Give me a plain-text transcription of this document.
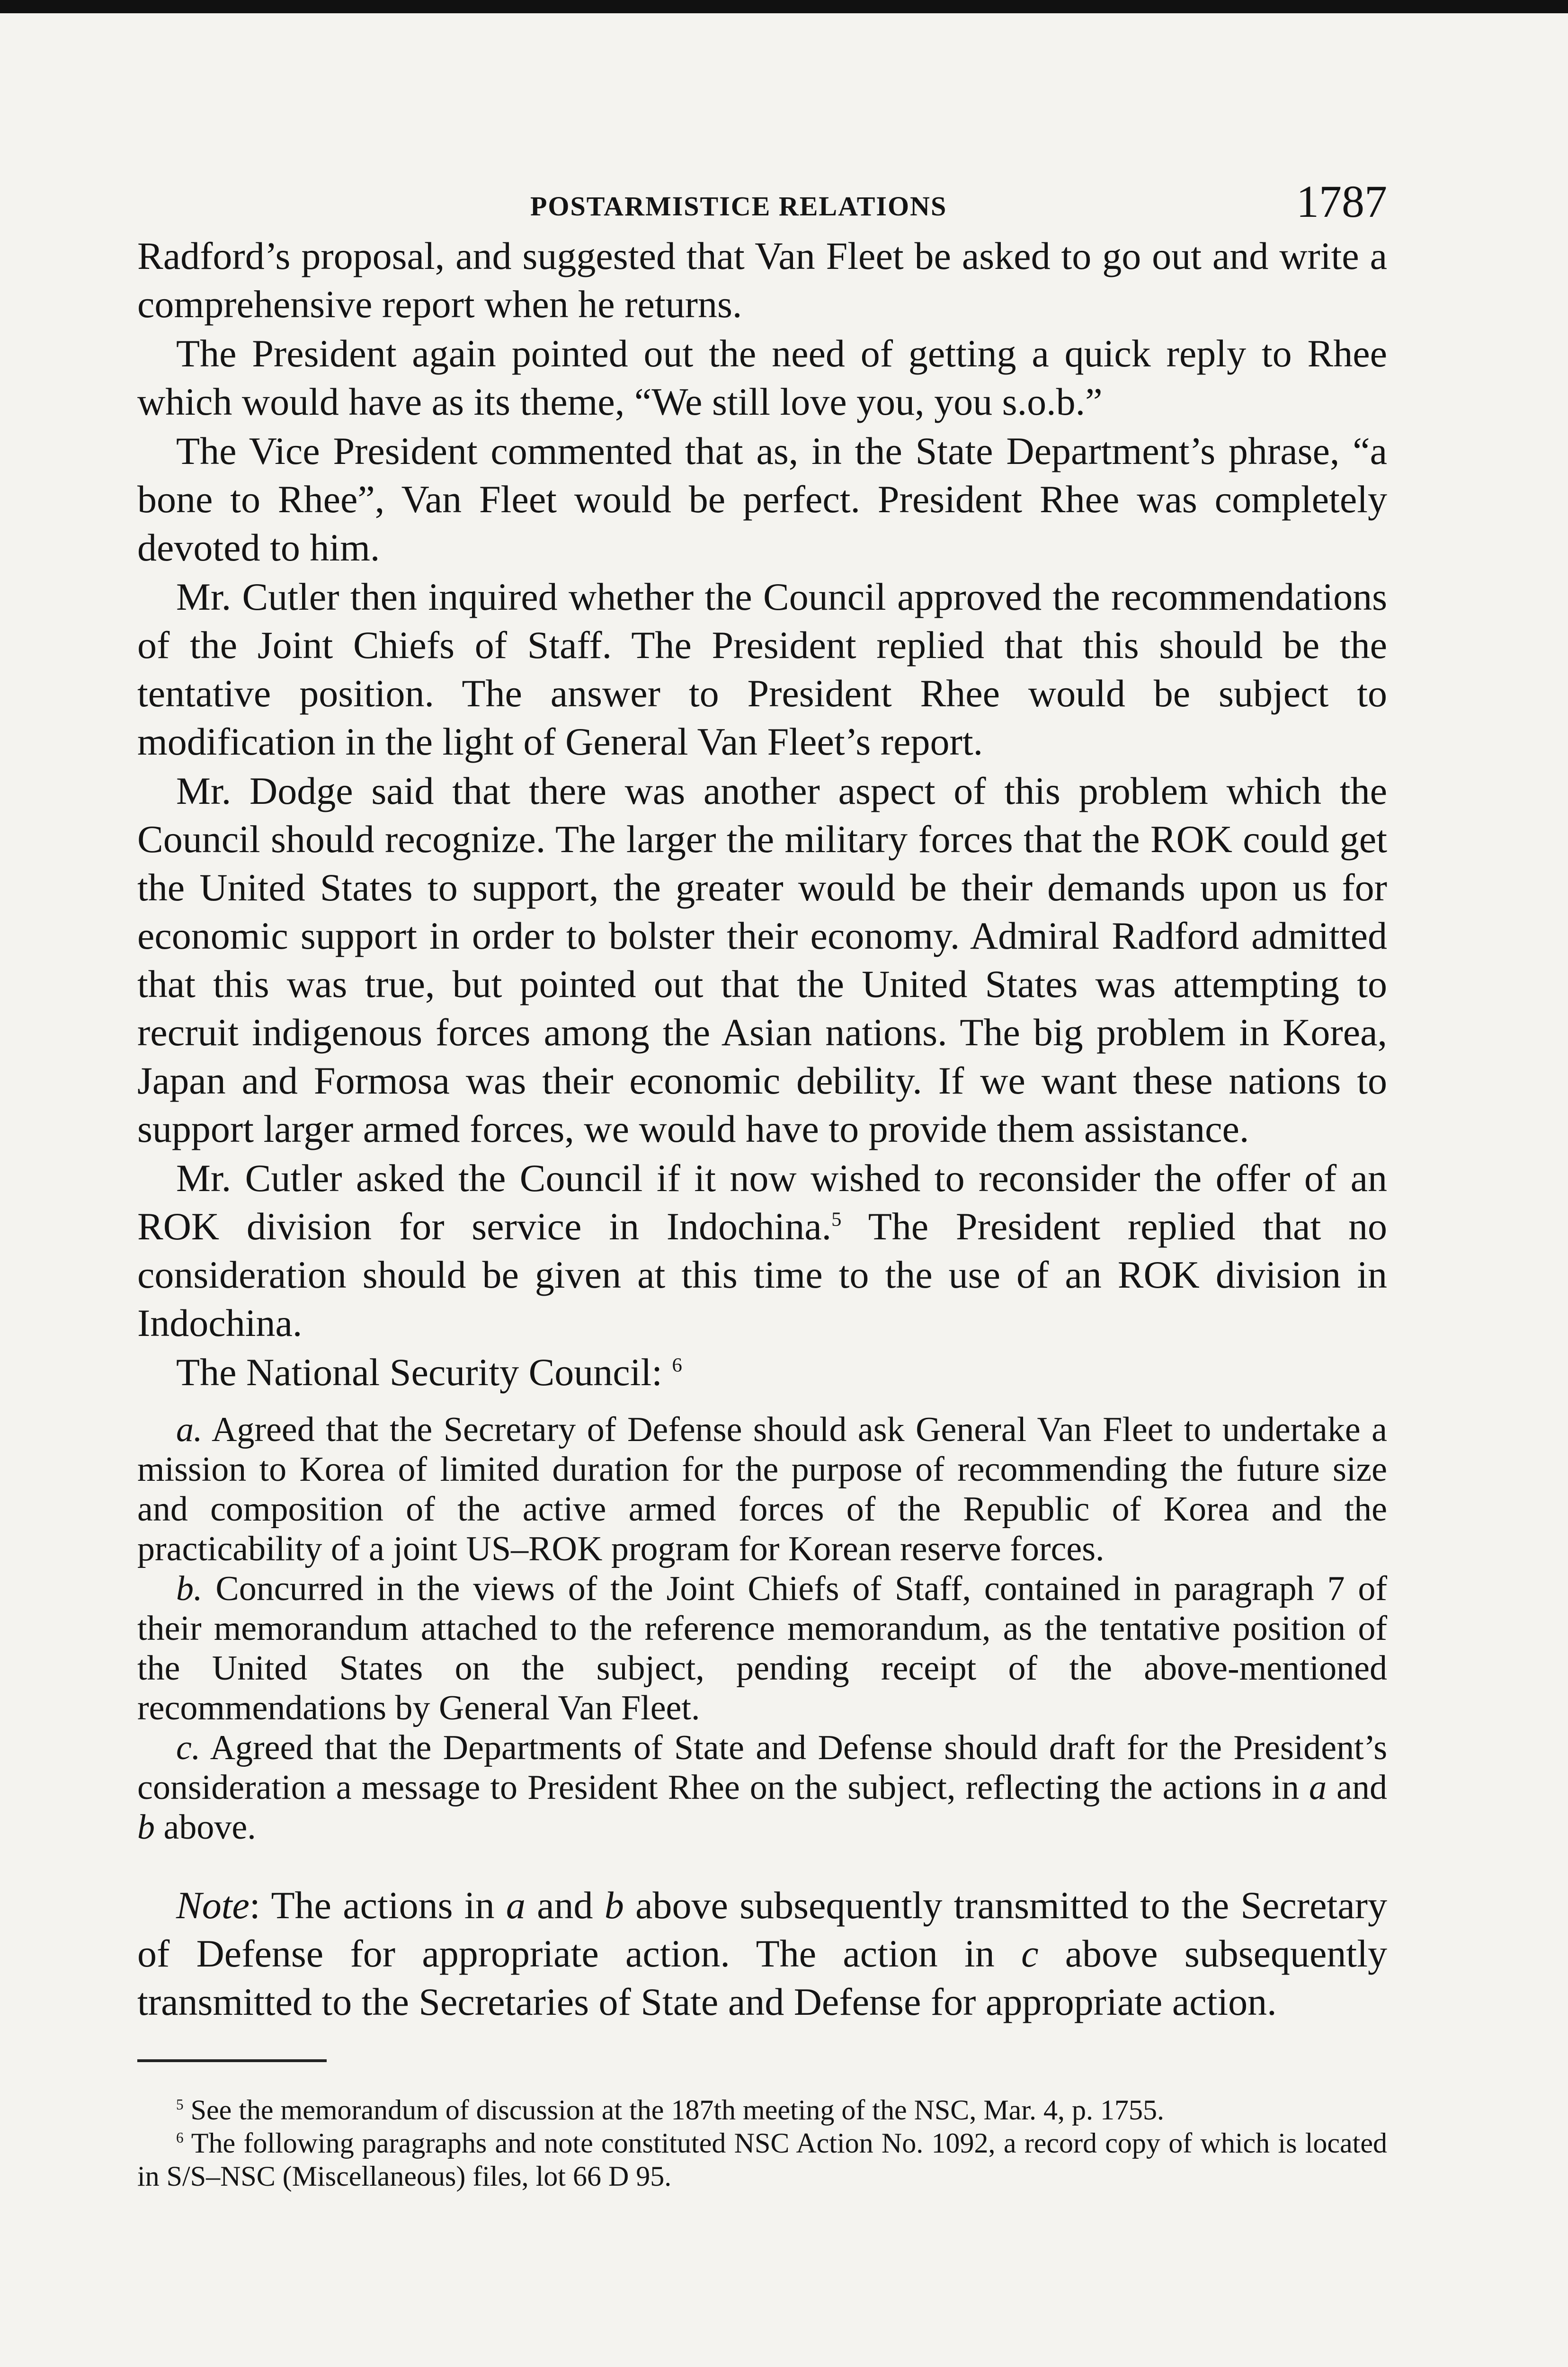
POSTARMISTICE RELATIONS	1787

Radford’s proposal, and suggested that Van Fleet be asked to go out and write a comprehensive report when he returns.

The President again pointed out the need of getting a quick reply to Rhee which would have as its theme, “We still love you, you s.o.b.”

The Vice President commented that as, in the State Department’s phrase, “a bone to Rhee”, Van Fleet would be perfect. President Rhee was completely devoted to him.

Mr. Cutler then inquired whether the Council approved the recommendations of the Joint Chiefs of Staff. The President replied that this should be the tentative position. The answer to President Rhee would be subject to modification in the light of General Van Fleet’s report.

Mr. Dodge said that there was another aspect of this problem which the Council should recognize. The larger the military forces that the ROK could get the United States to support, the greater would be their demands upon us for economic support in order to bolster their economy. Admiral Radford admitted that this was true, but pointed out that the United States was attempting to recruit indigenous forces among the Asian nations. The big problem in Korea, Japan and Formosa was their economic debility. If we want these nations to support larger armed forces, we would have to provide them assistance.

Mr. Cutler asked the Council if it now wished to reconsider the offer of an ROK division for service in Indochina.$^5$ The President replied that no consideration should be given at this time to the use of an ROK division in Indochina.

The National Security Council: $^6$

a. Agreed that the Secretary of Defense should ask General Van Fleet to undertake a mission to Korea of limited duration for the purpose of recommending the future size and composition of the active armed forces of the Republic of Korea and the practicability of a joint US–ROK program for Korean reserve forces.

b. Concurred in the views of the Joint Chiefs of Staff, contained in paragraph 7 of their memorandum attached to the reference memorandum, as the tentative position of the United States on the subject, pending receipt of the above-mentioned recommendations by General Van Fleet.

c. Agreed that the Departments of State and Defense should draft for the President’s consideration a message to President Rhee on the subject, reflecting the actions in a and b above.

Note: The actions in a and b above subsequently transmitted to the Secretary of Defense for appropriate action. The action in c above subsequently transmitted to the Secretaries of State and Defense for appropriate action.

$^5$ See the memorandum of discussion at the 187th meeting of the NSC, Mar. 4, p. 1755.

$^6$ The following paragraphs and note constituted NSC Action No. 1092, a record copy of which is located in S/S–NSC (Miscellaneous) files, lot 66 D 95.
